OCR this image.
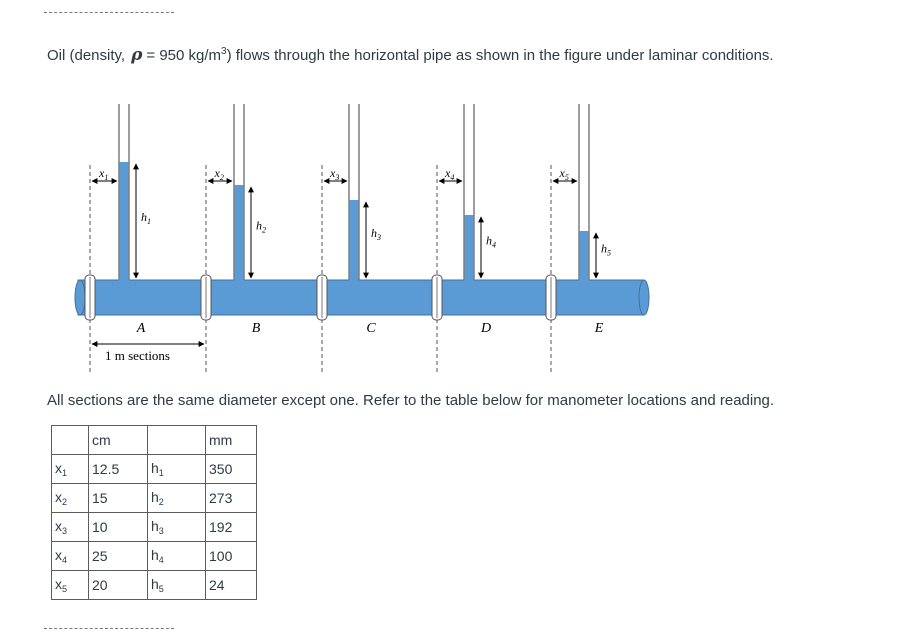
Oil (density, ρ = 950 $kg/m^3$) flows through the horizontal pipe as shown in the figure under laminar conditions.
$h_1$
$x_1$
$h_2$
$x_2$
$h_3$
$x_3$
$h_4$
$x_4$
$h_5$
$x_5$
A	B	C	D	E
1 m sections
All sections are the same diameter except one. Refer to the table below for manometer locations and reading.
	cm		mm
$x_1$	12.5	$h_1$	350
$x_2$	15	$h_2$	273
$x_3$	10	$h_3$	192
$x_4$	25	$h_4$	100
$x_5$	20	$h_5$	24
